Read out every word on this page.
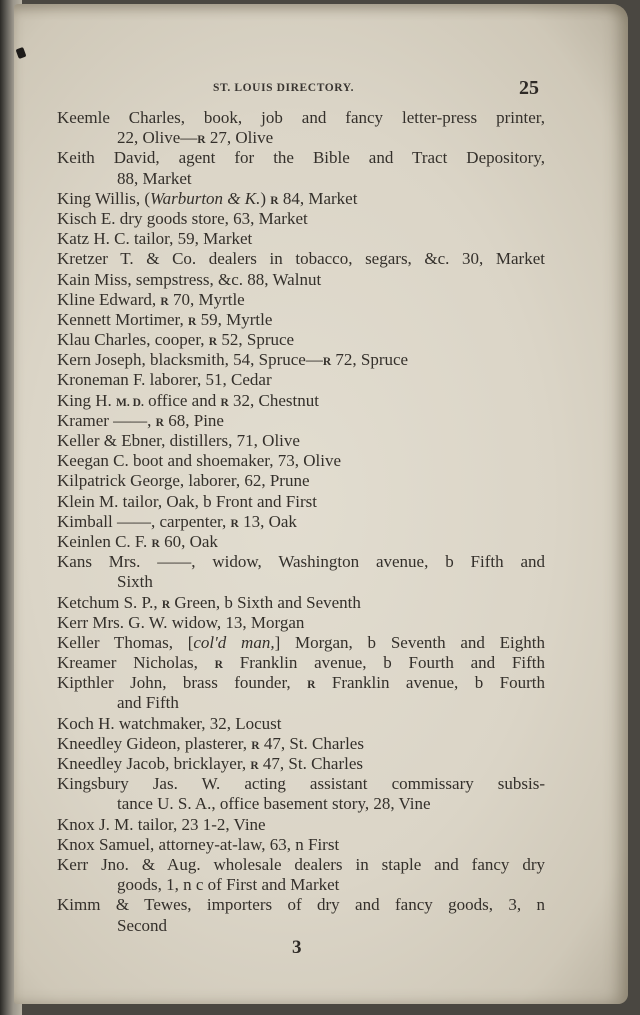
ST. LOUIS DIRECTORY.	25
Keemle Charles, book, job and fancy letter-press printer,
22, Olive—R 27, Olive
Keith David, agent for the Bible and Tract Depository,
88, Market
King Willis, (Warburton & K.) R 84, Market
Kisch E. dry goods store, 63, Market
Katz H. C. tailor, 59, Market
Kretzer T. & Co. dealers in tobacco, segars, &c. 30, Market
Kain Miss, sempstress, &c. 88, Walnut
Kline Edward, R 70, Myrtle
Kennett Mortimer, R 59, Myrtle
Klau Charles, cooper, R 52, Spruce
Kern Joseph, blacksmith, 54, Spruce—R 72, Spruce
Kroneman F. laborer, 51, Cedar
King H. M. D. office and R 32, Chestnut
Kramer ——, R 68, Pine
Keller & Ebner, distillers, 71, Olive
Keegan C. boot and shoemaker, 73, Olive
Kilpatrick George, laborer, 62, Prune
Klein M. tailor, Oak, b Front and First
Kimball ——, carpenter, R 13, Oak
Keinlen C. F. R 60, Oak
Kans Mrs. ——, widow, Washington avenue, b Fifth and
Sixth
Ketchum S. P., R Green, b Sixth and Seventh
Kerr Mrs. G. W. widow, 13, Morgan
Keller Thomas, [col'd man,] Morgan, b Seventh and Eighth
Kreamer Nicholas, R Franklin avenue, b Fourth and Fifth
Kipthler John, brass founder, R Franklin avenue, b Fourth
and Fifth
Koch H. watchmaker, 32, Locust
Kneedley Gideon, plasterer, R 47, St. Charles
Kneedley Jacob, bricklayer, R 47, St. Charles
Kingsbury Jas. W. acting assistant commissary subsis-
tance U. S. A., office basement story, 28, Vine
Knox J. M. tailor, 23 1-2, Vine
Knox Samuel, attorney-at-law, 63, n First
Kerr Jno. & Aug. wholesale dealers in staple and fancy dry
goods, 1, n c of First and Market
Kimm & Tewes, importers of dry and fancy goods, 3, n
Second
3
